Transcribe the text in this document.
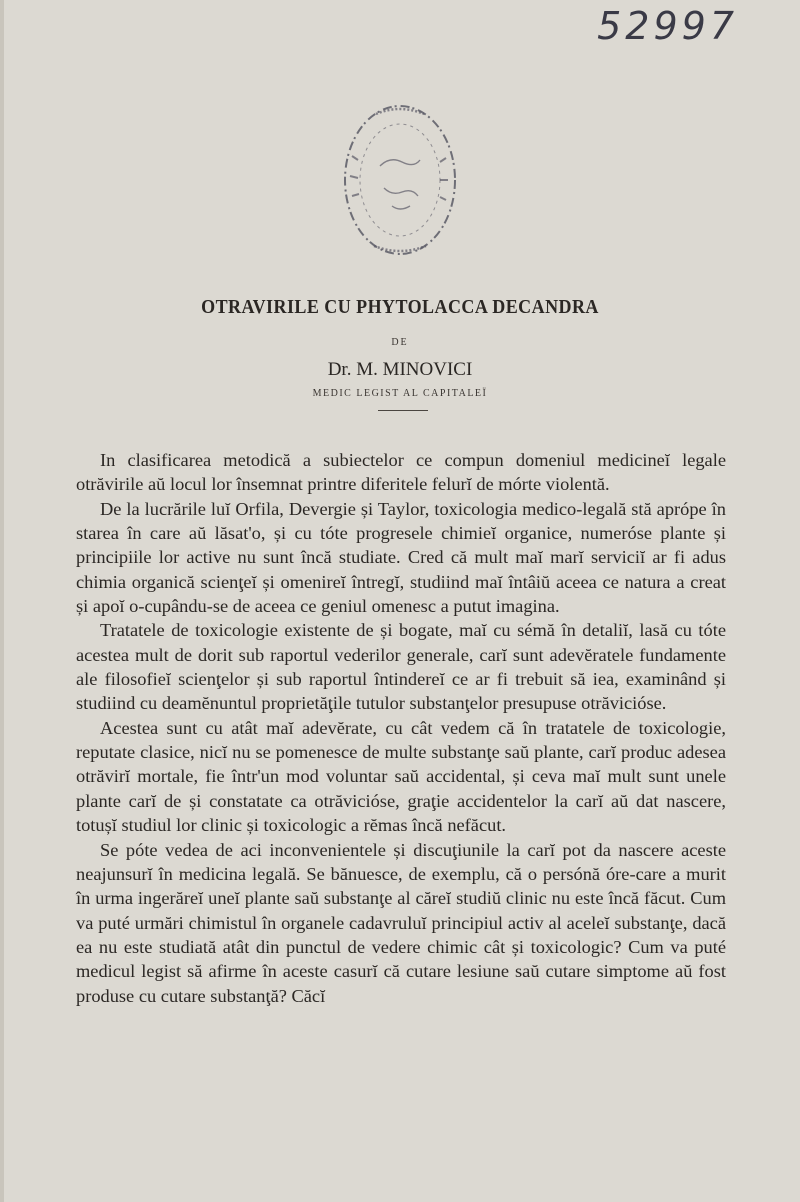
52997
OTRAVIRILE CU PHYTOLACCA DECANDRA
DE
Dr. M. MINOVICI
MEDIC LEGIST AL CAPITALEÏ

In clasificarea metodică a subiectelor ce compun domeniul medicineĭ legale otrăvirile aŭ locul lor însemnat printre diferitele felurĭ de mórte violentă.

De la lucrările luĭ Orfila, Devergie și Taylor, toxicologia medico-legală stă aprópe în starea în care aŭ lăsat'o, și cu tóte progresele chimieĭ organice, numeróse plante și principiile lor active nu sunt încă studiate. Cred că mult maĭ marĭ serviciĭ ar fi adus chimia organică scienţeĭ și omenireĭ întregĭ, studiind maĭ întâiŭ aceea ce natura a creat și apoĭ o-cupându-se de aceea ce geniul omenesc a putut imagina.

Tratatele de toxicologie existente de și bogate, maĭ cu sémă în detaliĭ, lasă cu tóte acestea mult de dorit sub raportul vederilor generale, carĭ sunt adevĕratele fundamente ale filosofieĭ scienţelor și sub raportul întindereĭ ce ar fi trebuit să iea, examinând și studiind cu deamĕnuntul proprietăţile tutulor substanţelor presupuse otrăvicióse.

Acestea sunt cu atât maĭ adevĕrate, cu cât vedem că în tratatele de toxicologie, reputate clasice, nicĭ nu se pomenesce de multe substanţe saŭ plante, carĭ produc adesea otrăvirĭ mortale, fie într'un mod voluntar saŭ accidental, și ceva maĭ mult sunt unele plante carĭ de și constatate ca otrăvicióse, graţie accidentelor la carĭ aŭ dat nascere, totușĭ studiul lor clinic și toxicologic a rĕmas încă nefăcut.

Se póte vedea de aci inconvenientele și discuţiunile la carĭ pot da nascere aceste neajunsurĭ în medicina legală. Se bănuesce, de exemplu, că o persónă óre-care a murit în urma ingerăreĭ uneĭ plante saŭ substanţe al căreĭ studiŭ clinic nu este încă făcut. Cum va puté urmări chimistul în organele cadavruluĭ principiul activ al aceleĭ substanţe, dacă ea nu este studiată atât din punctul de vedere chimic cât și toxicologic? Cum va puté medicul legist să afirme în aceste casurĭ că cutare lesiune saŭ cutare simptome aŭ fost produse cu cutare substanţă? Căcĭ
